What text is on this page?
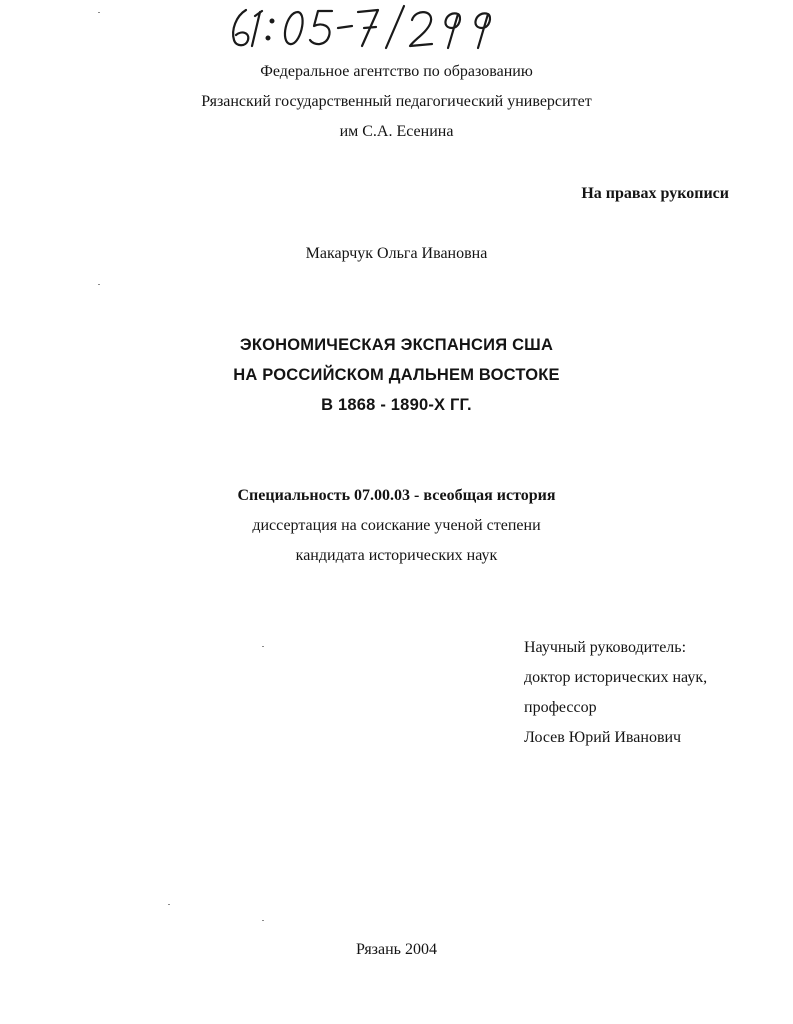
Федеральное агентство по образованию
Рязанский государственный педагогический университет
им С.А. Есенина
На правах рукописи
Макарчук Ольга Ивановна
ЭКОНОМИЧЕСКАЯ ЭКСПАНСИЯ США
НА РОССИЙСКОМ ДАЛЬНЕМ ВОСТОКЕ
В 1868 - 1890-Х ГГ.
Специальность 07.00.03 - всеобщая история
диссертация на соискание ученой степени
кандидата исторических наук
Научный руководитель:
доктор исторических наук,
профессор
Лосев Юрий Иванович
Рязань 2004
